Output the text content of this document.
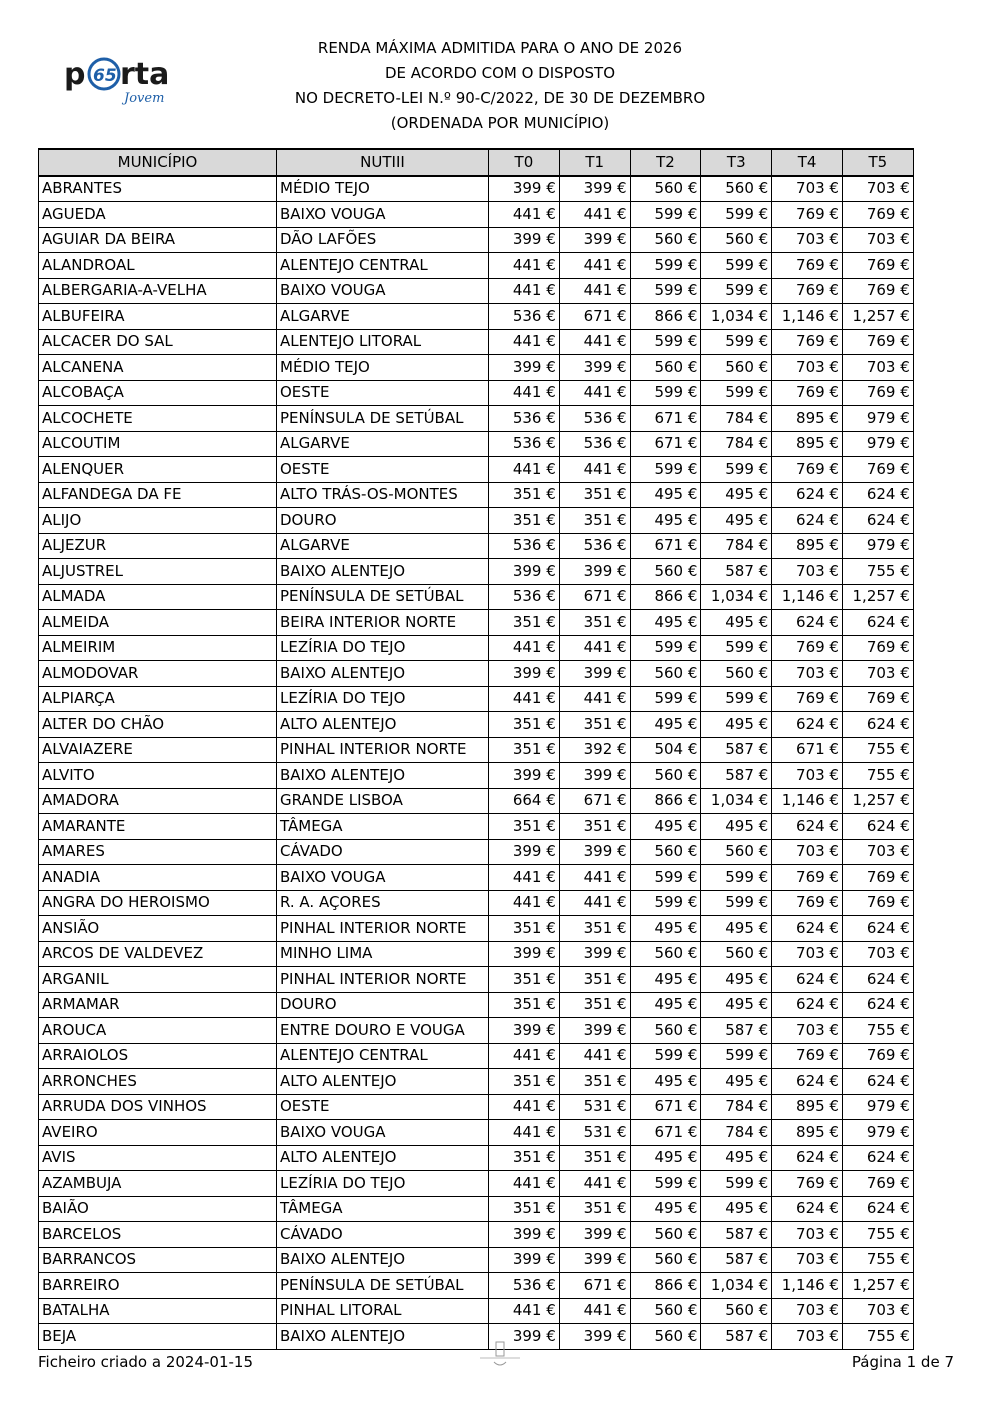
p 65 rta
Jovem
RENDA MÁXIMA ADMITIDA PARA O ANO DE 2026
DE ACORDO COM O DISPOSTO
NO DECRETO-LEI N.º 90-C/2022, DE 30 DE DEZEMBRO
(ORDENADA POR MUNICÍPIO)
MUNICÍPIO	NUTIII	T0	T1	T2	T3	T4	T5
ABRANTES	MÉDIO TEJO	399 €	399 €	560 €	560 €	703 €	703 €
AGUEDA	BAIXO VOUGA	441 €	441 €	599 €	599 €	769 €	769 €
AGUIAR DA BEIRA	DÃO LAFÕES	399 €	399 €	560 €	560 €	703 €	703 €
ALANDROAL	ALENTEJO CENTRAL	441 €	441 €	599 €	599 €	769 €	769 €
ALBERGARIA-A-VELHA	BAIXO VOUGA	441 €	441 €	599 €	599 €	769 €	769 €
ALBUFEIRA	ALGARVE	536 €	671 €	866 €	1,034 €	1,146 €	1,257 €
ALCACER DO SAL	ALENTEJO LITORAL	441 €	441 €	599 €	599 €	769 €	769 €
ALCANENA	MÉDIO TEJO	399 €	399 €	560 €	560 €	703 €	703 €
ALCOBAÇA	OESTE	441 €	441 €	599 €	599 €	769 €	769 €
ALCOCHETE	PENÍNSULA DE SETÚBAL	536 €	536 €	671 €	784 €	895 €	979 €
ALCOUTIM	ALGARVE	536 €	536 €	671 €	784 €	895 €	979 €
ALENQUER	OESTE	441 €	441 €	599 €	599 €	769 €	769 €
ALFANDEGA DA FE	ALTO TRÁS-OS-MONTES	351 €	351 €	495 €	495 €	624 €	624 €
ALIJO	DOURO	351 €	351 €	495 €	495 €	624 €	624 €
ALJEZUR	ALGARVE	536 €	536 €	671 €	784 €	895 €	979 €
ALJUSTREL	BAIXO ALENTEJO	399 €	399 €	560 €	587 €	703 €	755 €
ALMADA	PENÍNSULA DE SETÚBAL	536 €	671 €	866 €	1,034 €	1,146 €	1,257 €
ALMEIDA	BEIRA INTERIOR NORTE	351 €	351 €	495 €	495 €	624 €	624 €
ALMEIRIM	LEZÍRIA DO TEJO	441 €	441 €	599 €	599 €	769 €	769 €
ALMODOVAR	BAIXO ALENTEJO	399 €	399 €	560 €	560 €	703 €	703 €
ALPIARÇA	LEZÍRIA DO TEJO	441 €	441 €	599 €	599 €	769 €	769 €
ALTER DO CHÃO	ALTO ALENTEJO	351 €	351 €	495 €	495 €	624 €	624 €
ALVAIAZERE	PINHAL INTERIOR NORTE	351 €	392 €	504 €	587 €	671 €	755 €
ALVITO	BAIXO ALENTEJO	399 €	399 €	560 €	587 €	703 €	755 €
AMADORA	GRANDE LISBOA	664 €	671 €	866 €	1,034 €	1,146 €	1,257 €
AMARANTE	TÂMEGA	351 €	351 €	495 €	495 €	624 €	624 €
AMARES	CÁVADO	399 €	399 €	560 €	560 €	703 €	703 €
ANADIA	BAIXO VOUGA	441 €	441 €	599 €	599 €	769 €	769 €
ANGRA DO HEROISMO	R. A. AÇORES	441 €	441 €	599 €	599 €	769 €	769 €
ANSIÃO	PINHAL INTERIOR NORTE	351 €	351 €	495 €	495 €	624 €	624 €
ARCOS DE VALDEVEZ	MINHO LIMA	399 €	399 €	560 €	560 €	703 €	703 €
ARGANIL	PINHAL INTERIOR NORTE	351 €	351 €	495 €	495 €	624 €	624 €
ARMAMAR	DOURO	351 €	351 €	495 €	495 €	624 €	624 €
AROUCA	ENTRE DOURO E VOUGA	399 €	399 €	560 €	587 €	703 €	755 €
ARRAIOLOS	ALENTEJO CENTRAL	441 €	441 €	599 €	599 €	769 €	769 €
ARRONCHES	ALTO ALENTEJO	351 €	351 €	495 €	495 €	624 €	624 €
ARRUDA DOS VINHOS	OESTE	441 €	531 €	671 €	784 €	895 €	979 €
AVEIRO	BAIXO VOUGA	441 €	531 €	671 €	784 €	895 €	979 €
AVIS	ALTO ALENTEJO	351 €	351 €	495 €	495 €	624 €	624 €
AZAMBUJA	LEZÍRIA DO TEJO	441 €	441 €	599 €	599 €	769 €	769 €
BAIÃO	TÂMEGA	351 €	351 €	495 €	495 €	624 €	624 €
BARCELOS	CÁVADO	399 €	399 €	560 €	587 €	703 €	755 €
BARRANCOS	BAIXO ALENTEJO	399 €	399 €	560 €	587 €	703 €	755 €
BARREIRO	PENÍNSULA DE SETÚBAL	536 €	671 €	866 €	1,034 €	1,146 €	1,257 €
BATALHA	PINHAL LITORAL	441 €	441 €	560 €	560 €	703 €	703 €
BEJA	BAIXO ALENTEJO	399 €	399 €	560 €	587 €	703 €	755 €
Ficheiro criado a 2024-01-15	Página 1 de 7
